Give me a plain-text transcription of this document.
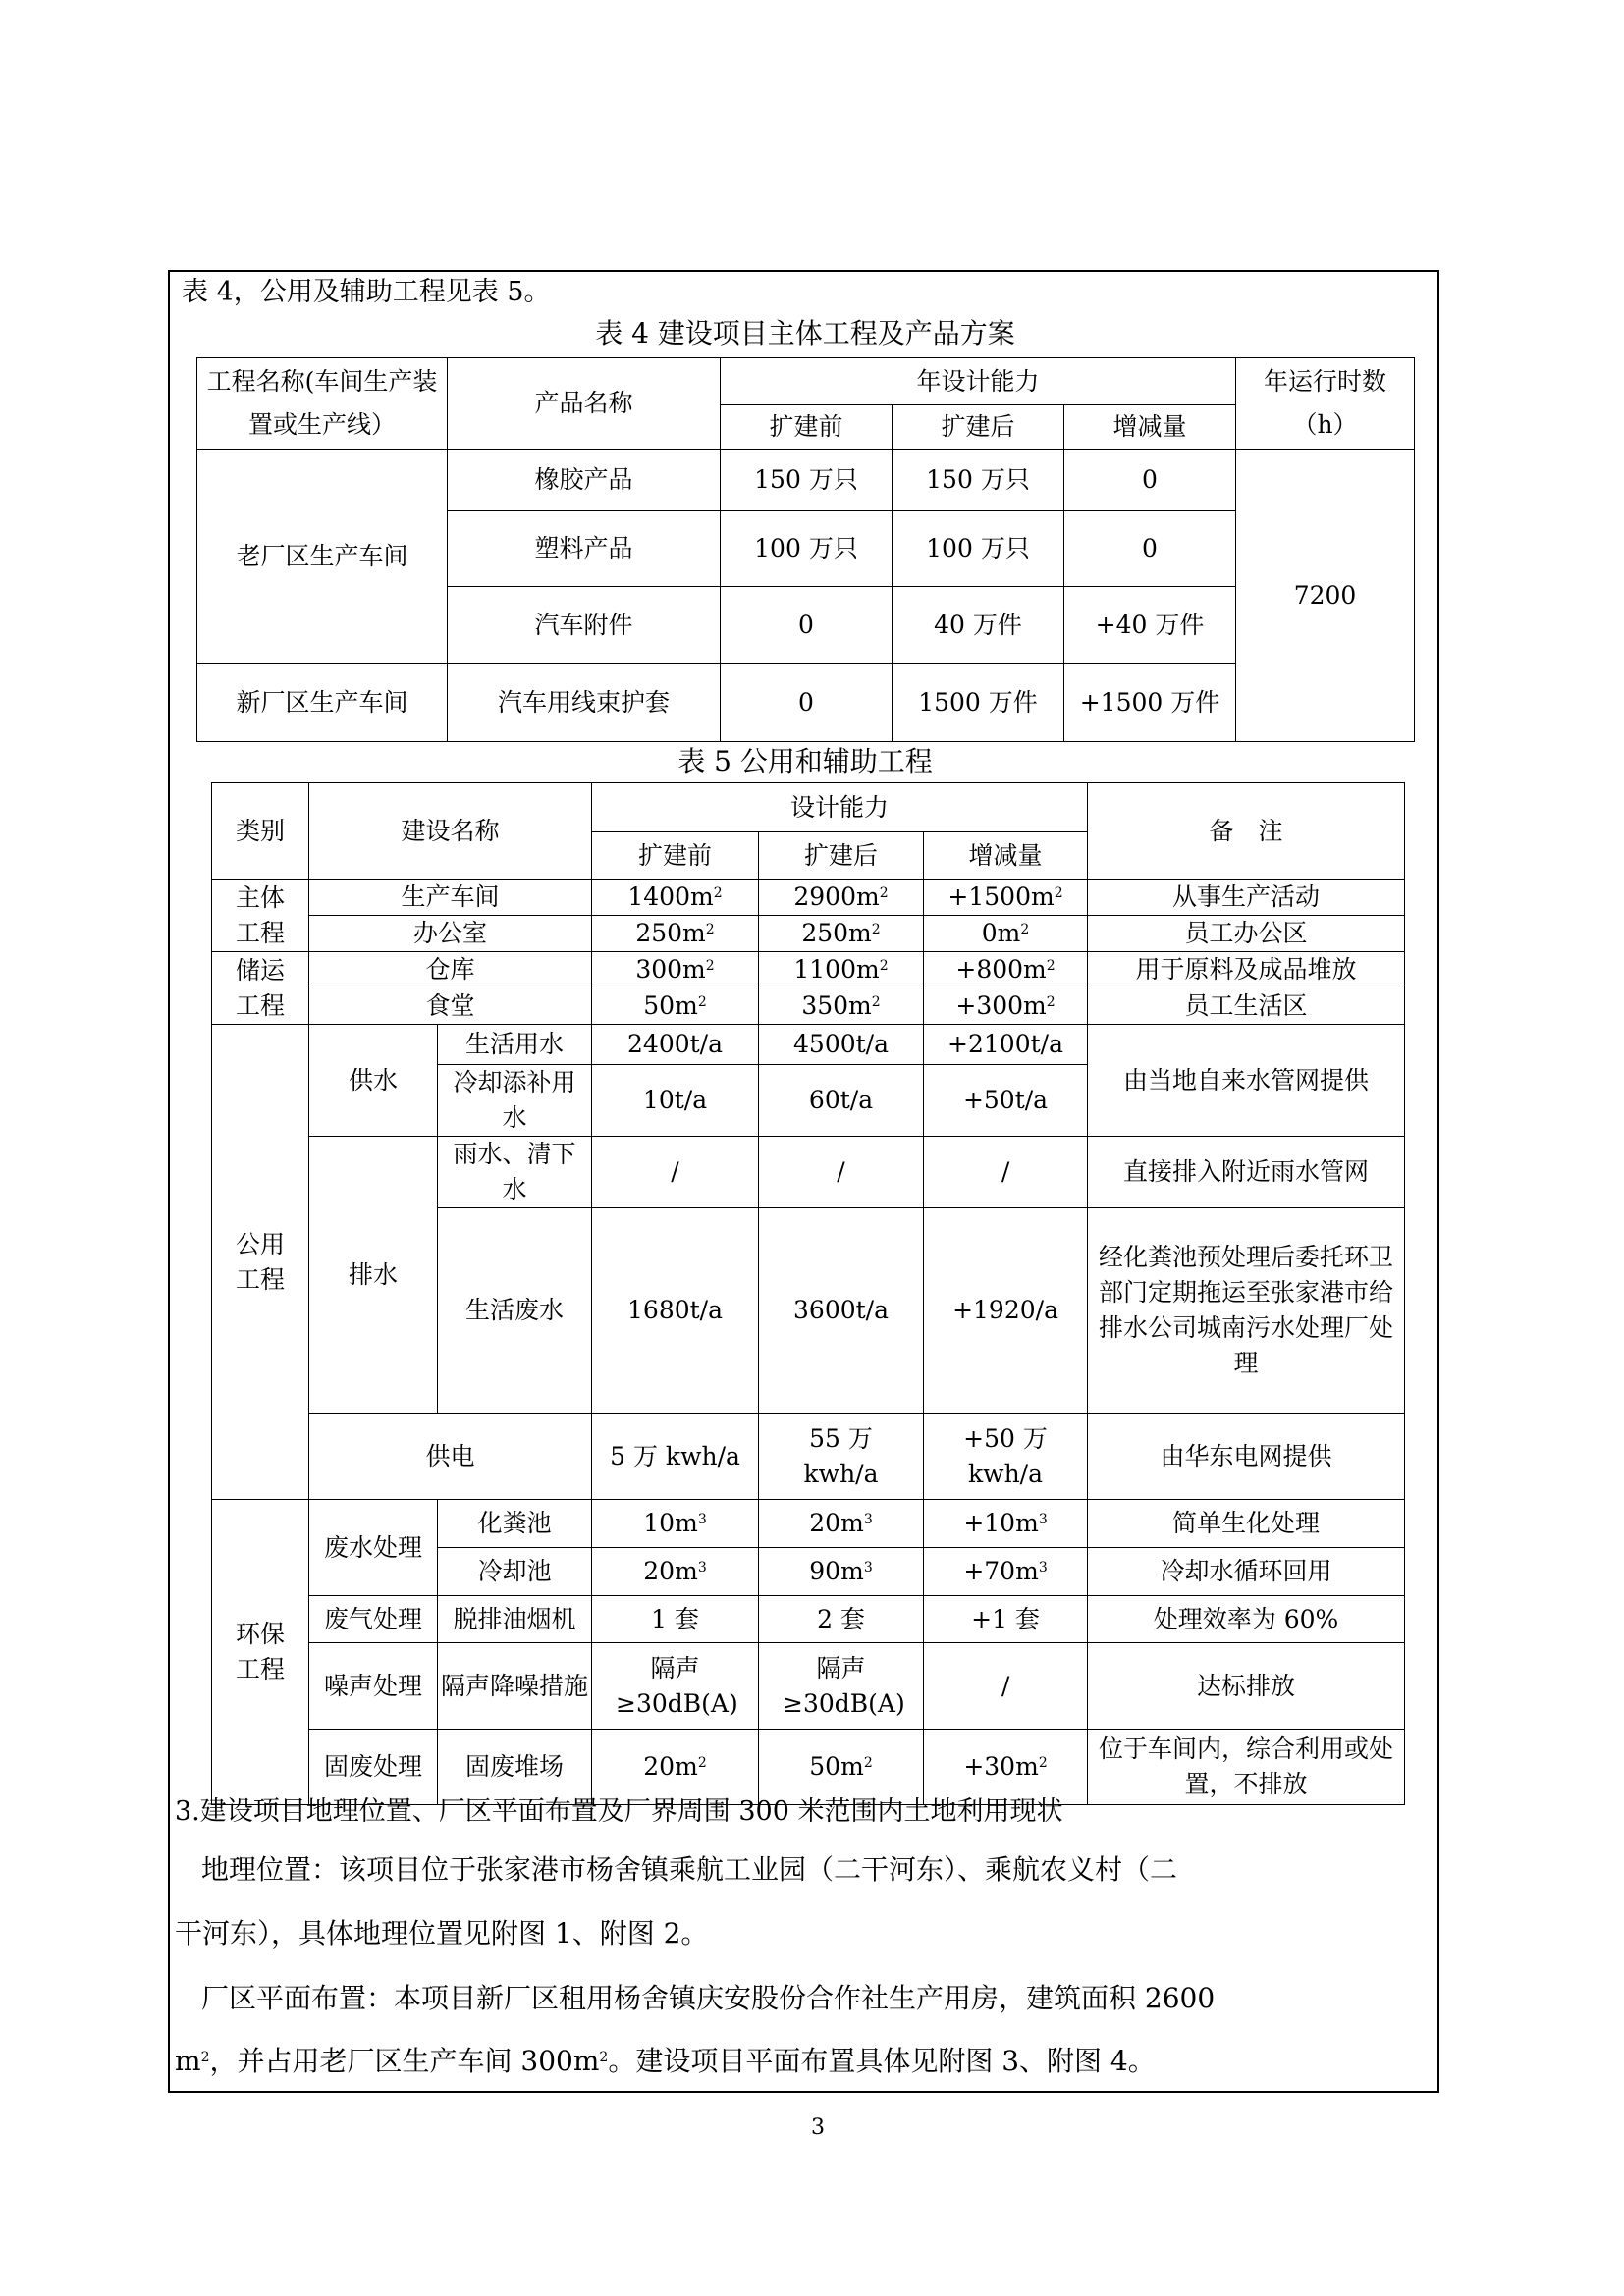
表 4，公用及辅助工程见表 5。
表 4 建设项目主体工程及产品方案
工程名称(车间生产装置或生产线）	产品名称	年设计能力			年运行时数（h）
		扩建前	扩建后	增减量	
老厂区生产车间	橡胶产品	150 万只	150 万只	0	7200
	塑料产品	100 万只	100 万只	0	
	汽车附件	0	40 万件	+40 万件	
新厂区生产车间	汽车用线束护套	0	1500 万件	+1500 万件	
表 5 公用和辅助工程
类别	建设名称		设计能力			备　注
			扩建前	扩建后	增减量	
主体工程	生产车间		$1400m^2$	$2900m^2$	$+1500m^2$	从事生产活动
	办公室		$250m^2$	$250m^2$	$0m^2$	员工办公区
储运工程	仓库		$300m^2$	$1100m^2$	$+800m^2$	用于原料及成品堆放
	食堂		$50m^2$	$350m^2$	$+300m^2$	员工生活区
公用工程	供水	生活用水	2400t/a	4500t/a	+2100t/a	由当地自来水管网提供
		冷却添补用水	10t/a	60t/a	+50t/a	
	排水	雨水、清下水	/	/	/	直接排入附近雨水管网
		生活废水	1680t/a	3600t/a	+1920/a	经化粪池预处理后委托环卫部门定期拖运至张家港市给排水公司城南污水处理厂处理
	供电		5 万 kwh/a	55 万 kwh/a	+50 万 kwh/a	由华东电网提供
环保工程	废水处理	化粪池	$10m^3$	$20m^3$	$+10m^3$	简单生化处理
		冷却池	$20m^3$	$90m^3$	$+70m^3$	冷却水循环回用
	废气处理	脱排油烟机	1 套	2 套	+1 套	处理效率为 60%
	噪声处理	隔声降噪措施	隔声≥30dB(A)	隔声≥30dB(A)	/	达标排放
	固废处理	固废堆场	$20m^2$	$50m^2$	$+30m^2$	位于车间内，综合利用或处置，不排放
3.建设项目地理位置、厂区平面布置及厂界周围 300 米范围内土地利用现状
地理位置：该项目位于张家港市杨舍镇乘航工业园（二干河东）、乘航农义村（二
干河东），具体地理位置见附图 1、附图 2。
厂区平面布置：本项目新厂区租用杨舍镇庆安股份合作社生产用房，建筑面积 2600
$m^2$，并占用老厂区生产车间 $300m^2$。建设项目平面布置具体见附图 3、附图 4。
3
